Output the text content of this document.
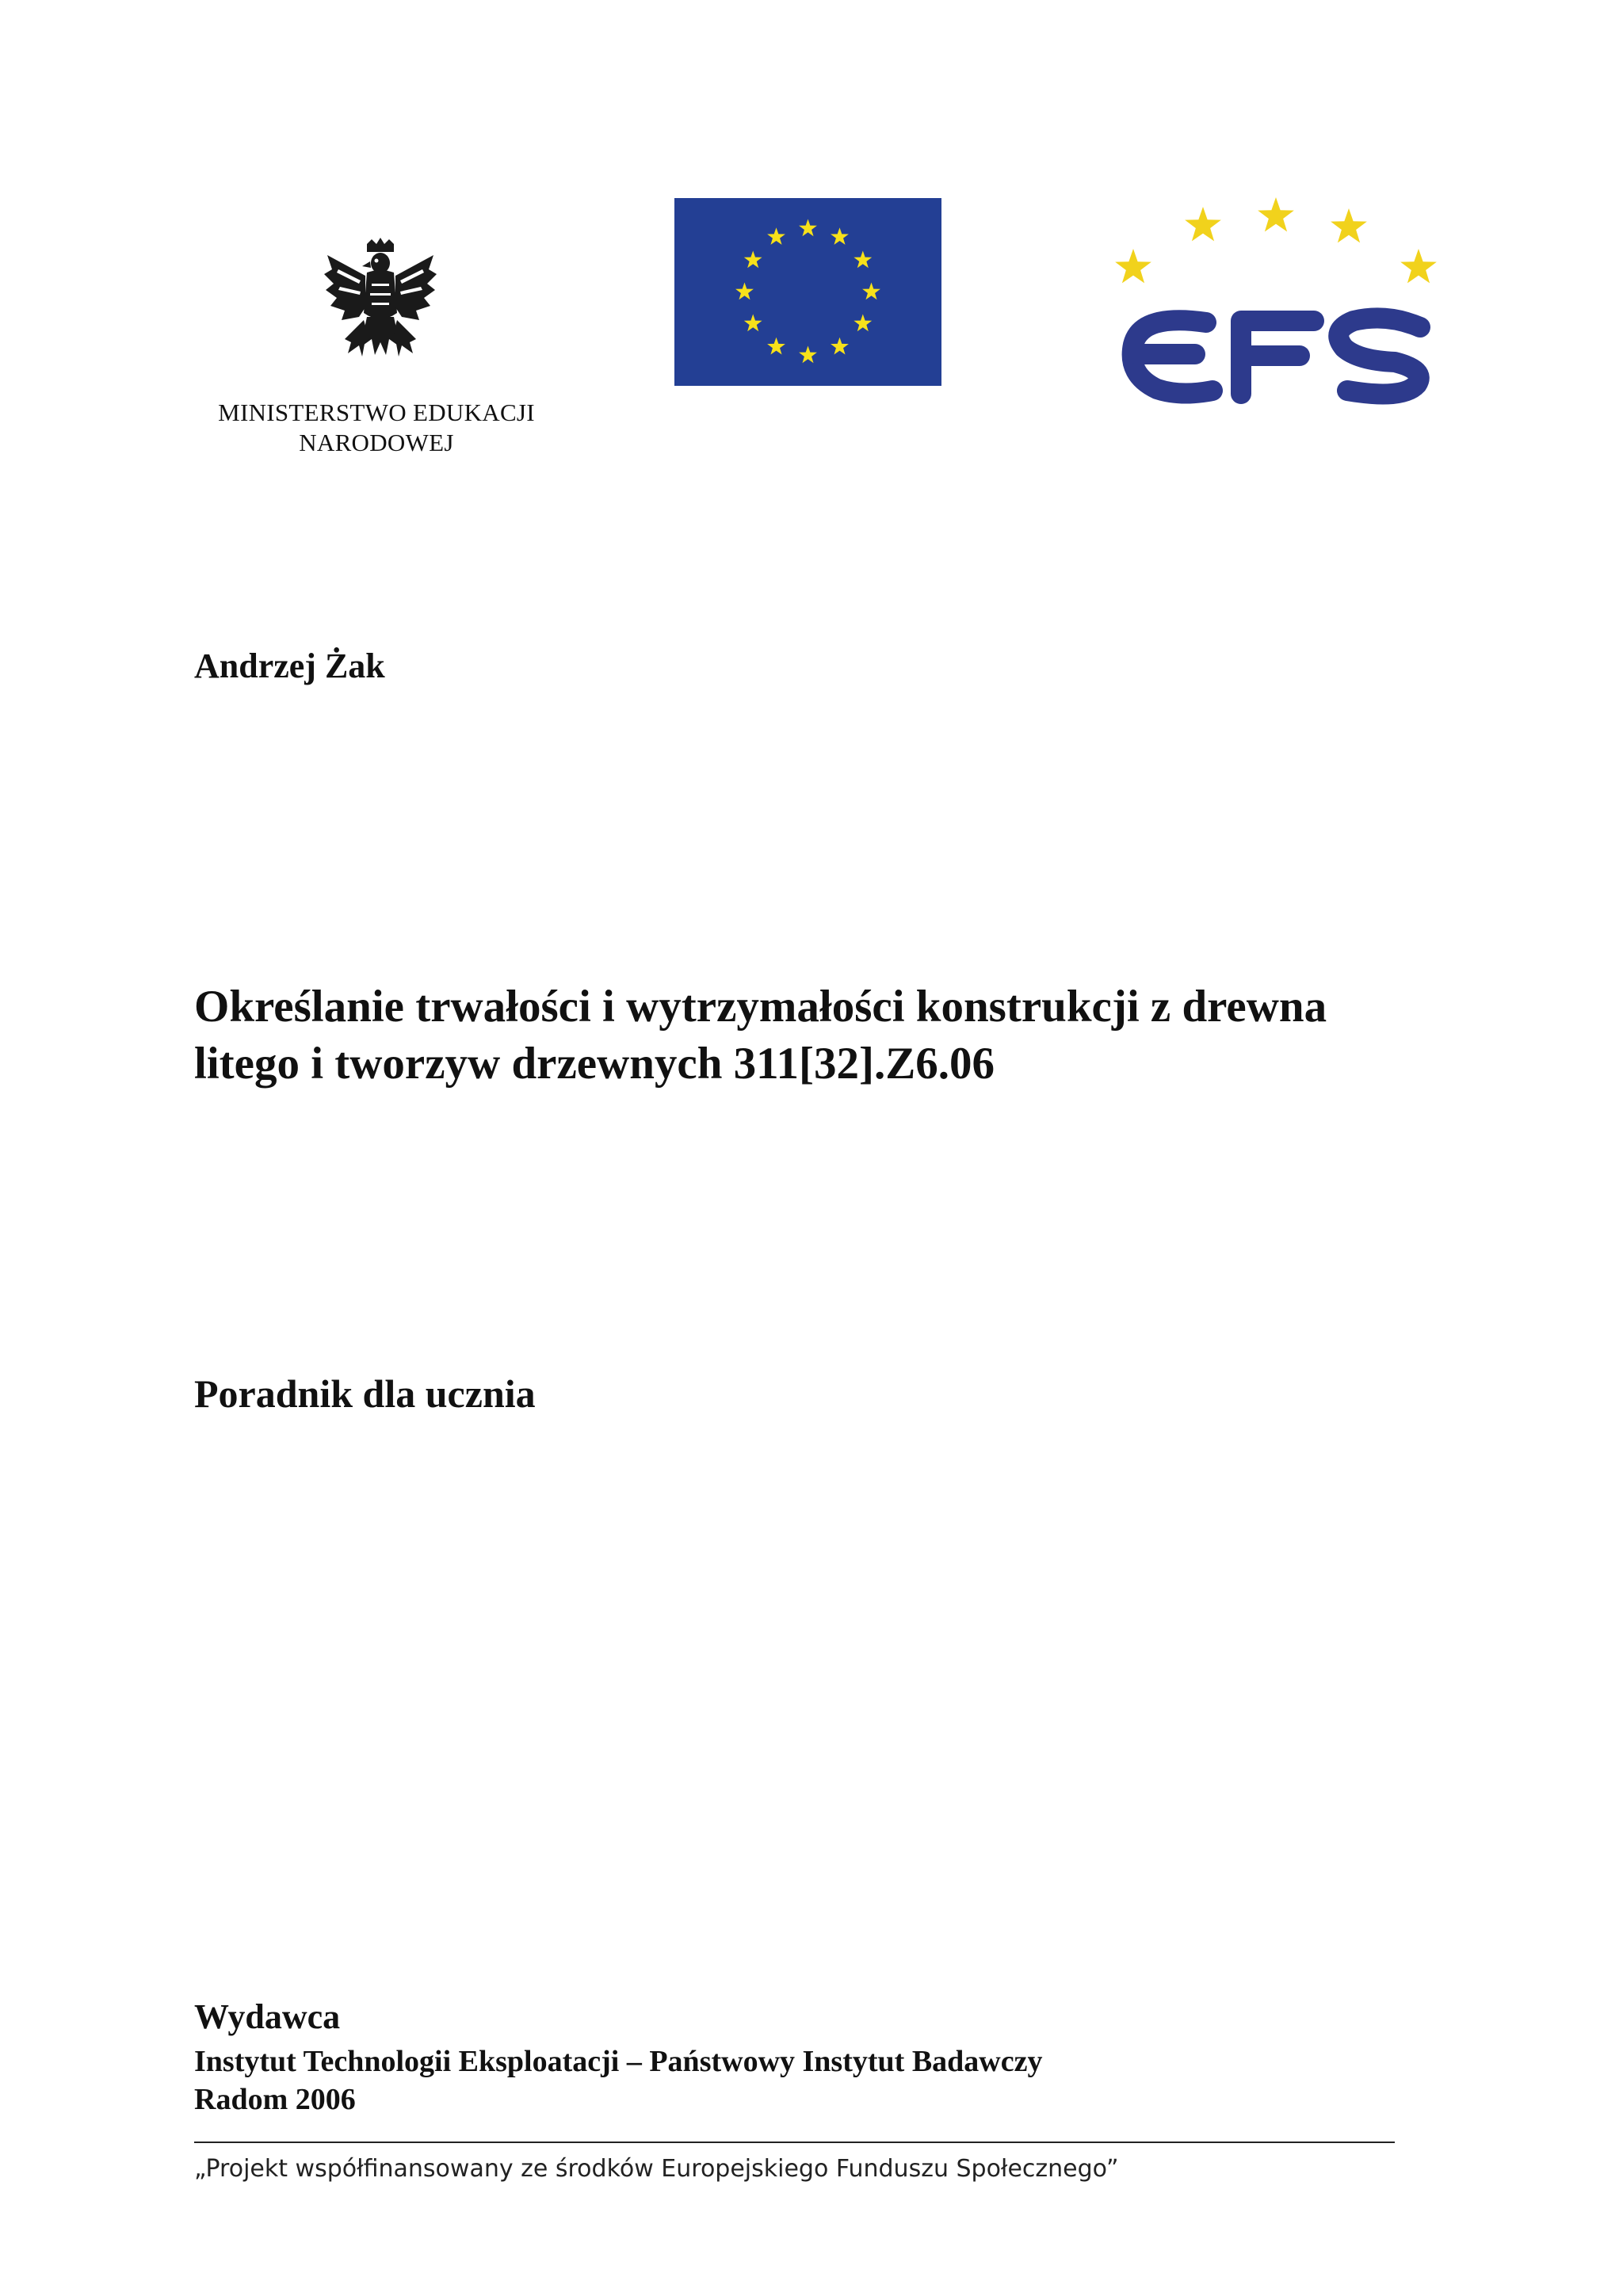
MINISTERSTWO EDUKACJI
NARODOWEJ
Andrzej Żak
Określanie trwałości i wytrzymałości konstrukcji z drewna
litego i tworzyw drzewnych 311[32].Z6.06
Poradnik dla ucznia
Wydawca
Instytut Technologii Eksploatacji – Państwowy Instytut Badawczy
Radom 2006
„Projekt współfinansowany ze środków Europejskiego Funduszu Społecznego”
